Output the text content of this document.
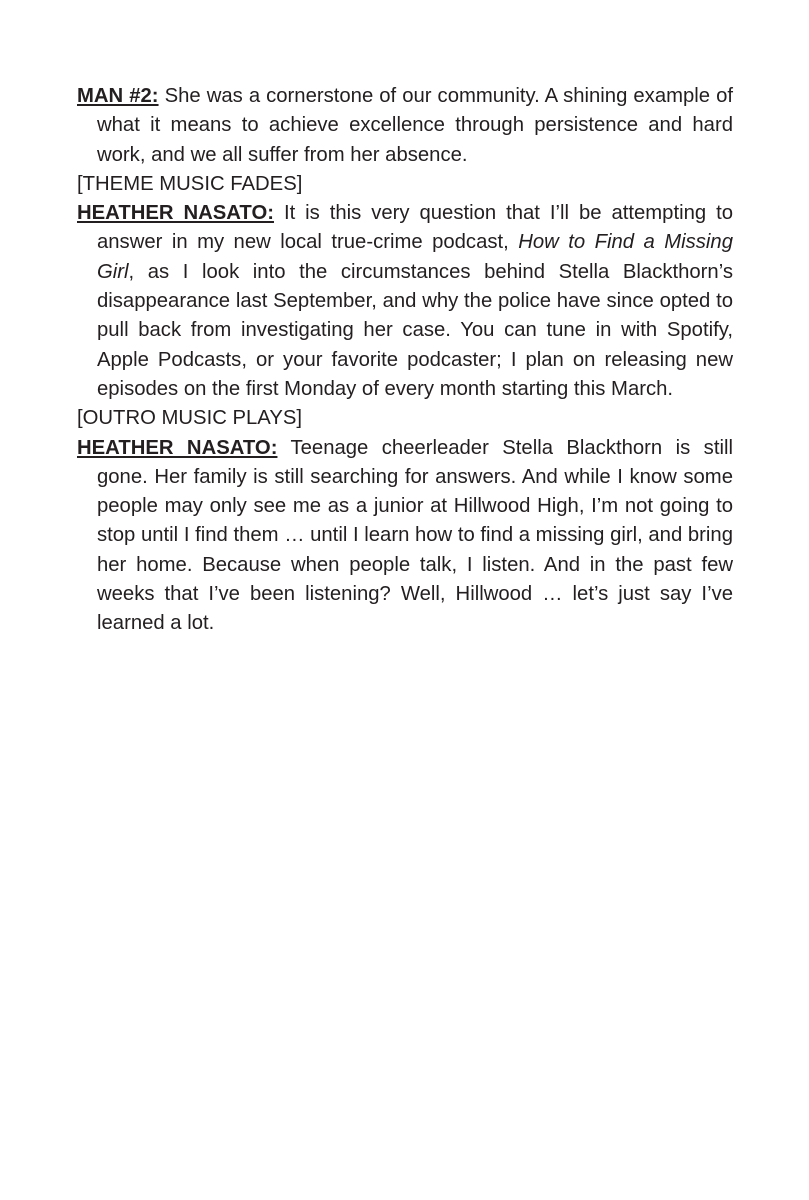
MAN #2: She was a cornerstone of our community. A shining example of what it means to achieve excellence through persistence and hard work, and we all suffer from her absence.

[THEME MUSIC FADES]

HEATHER NASATO: It is this very question that I’ll be attempting to answer in my new local true-crime podcast, How to Find a Missing Girl, as I look into the circumstances behind Stella Blackthorn’s disappearance last September, and why the police have since opted to pull back from investigating her case. You can tune in with Spotify, Apple Podcasts, or your favorite podcaster; I plan on releasing new episodes on the first Monday of every month starting this March.

[OUTRO MUSIC PLAYS]

HEATHER NASATO: Teenage cheerleader Stella Blackthorn is still gone. Her family is still searching for answers. And while I know some people may only see me as a junior at Hillwood High, I’m not going to stop until I find them … until I learn how to find a missing girl, and bring her home. Because when people talk, I listen. And in the past few weeks that I’ve been listening? Well, Hillwood … let’s just say I’ve learned a lot.
